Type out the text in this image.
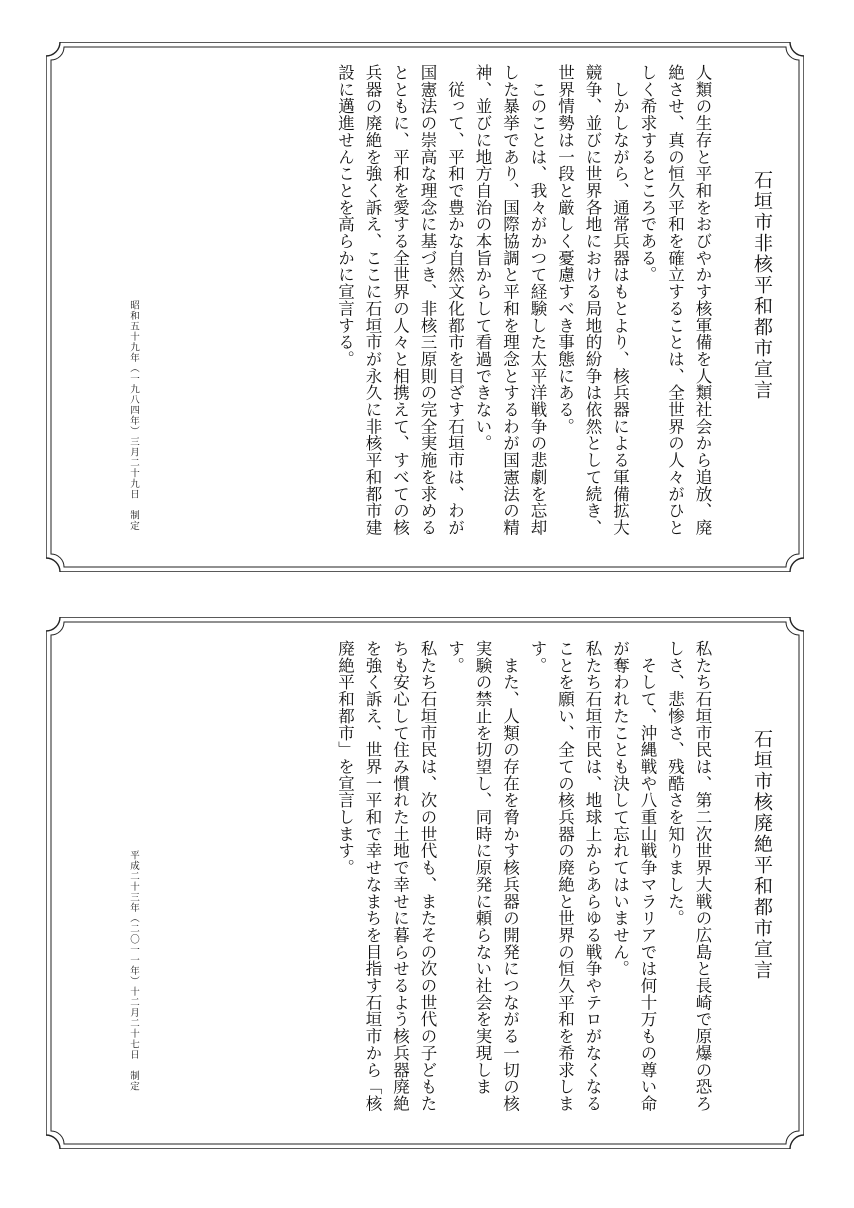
石垣市非核平和都市宣言
人類の生存と平和をおびやかす核軍備を人類社会から追放、廃絶させ、真の恒久平和を確立することは、全世界の人々がひとしく希求するところである。
　しかしながら、通常兵器はもとより、核兵器による軍備拡大競争、並びに世界各地における局地的紛争は依然として続き、世界情勢は一段と厳しく憂慮すべき事態にある。
　このことは、我々がかつて経験した太平洋戦争の悲劇を忘却した暴挙であり、国際協調と平和を理念とするわが国憲法の精神、並びに地方自治の本旨からして看過できない。
　従って、平和で豊かな自然文化都市を目ざす石垣市は、わが国憲法の崇高な理念に基づき、非核三原則の完全実施を求めるとともに、平和を愛する全世界の人々と相携えて、すべての核兵器の廃絶を強く訴え、ここに石垣市が永久に非核平和都市建設に邁進せんことを高らかに宣言する。
昭和五十九年（一九八四年）三月二十九日　制定
石垣市核廃絶平和都市宣言
私たち石垣市民は、第二次世界大戦の広島と長崎で原爆の恐ろしさ、悲惨さ、残酷さを知りました。
　そして、沖縄戦や八重山戦争マラリアでは何十万もの尊い命が奪われたことも決して忘れてはいません。
私たち石垣市民は、地球上からあらゆる戦争やテロがなくなることを願い、全ての核兵器の廃絶と世界の恒久平和を希求します。
　また、人類の存在を脅かす核兵器の開発につながる一切の核実験の禁止を切望し、同時に原発に頼らない社会を実現します。
私たち石垣市民は、次の世代も、またその次の世代の子どもたちも安心して住み慣れた土地で幸せに暮らせるよう核兵器廃絶を強く訴え、世界一平和で幸せなまちを目指す石垣市から「核廃絶平和都市」を宣言します。
平成二十三年（二〇一一年）十二月二十七日　制定
